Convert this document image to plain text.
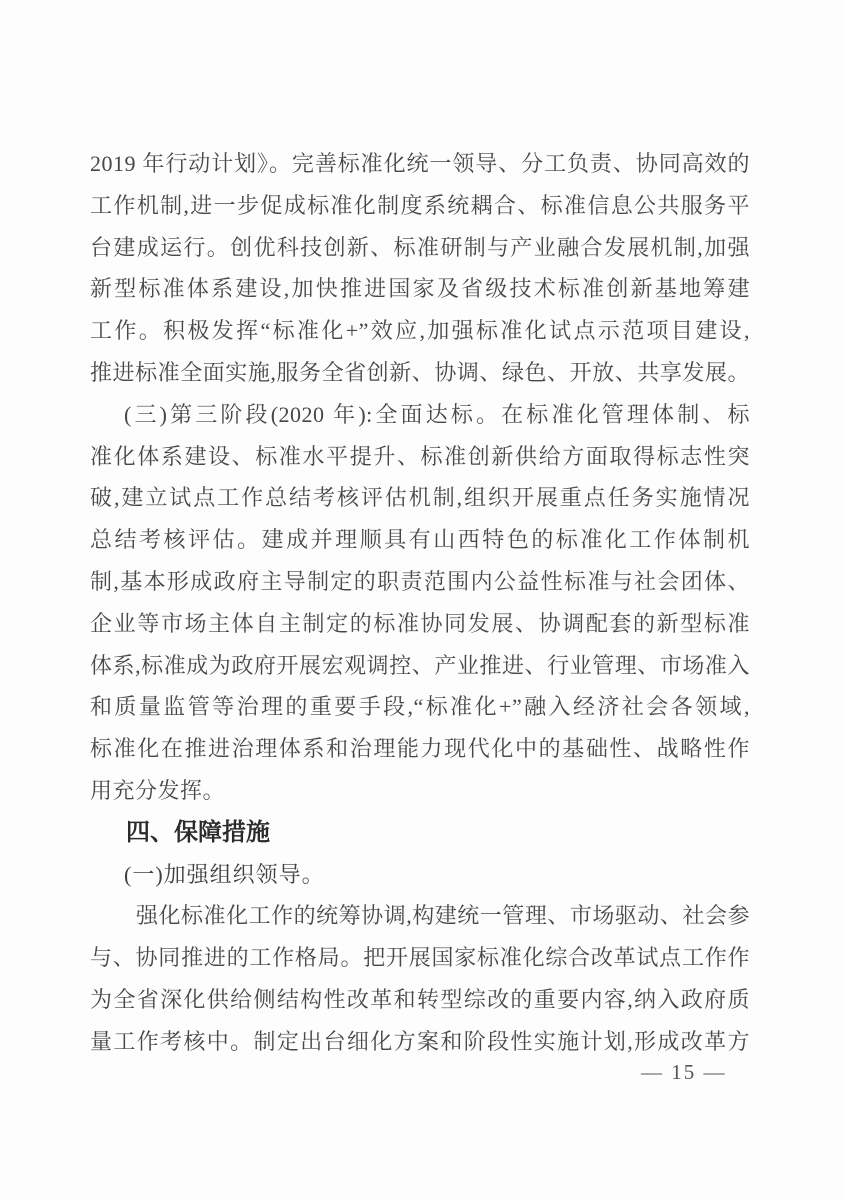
2019 年行动计划》。完善标准化统一领导、分工负责、协同高效的
工作机制,进一步促成标准化制度系统耦合、标准信息公共服务平
台建成运行。创优科技创新、标准研制与产业融合发展机制,加强
新型标准体系建设,加快推进国家及省级技术标准创新基地筹建
工作。积极发挥“标准化+”效应,加强标准化试点示范项目建设,
推进标准全面实施,服务全省创新、协调、绿色、开放、共享发展。
(三)第三阶段(2020 年):全面达标。在标准化管理体制、标
准化体系建设、标准水平提升、标准创新供给方面取得标志性突
破,建立试点工作总结考核评估机制,组织开展重点任务实施情况
总结考核评估。建成并理顺具有山西特色的标准化工作体制机
制,基本形成政府主导制定的职责范围内公益性标准与社会团体、
企业等市场主体自主制定的标准协同发展、协调配套的新型标准
体系,标准成为政府开展宏观调控、产业推进、行业管理、市场准入
和质量监管等治理的重要手段,“标准化+”融入经济社会各领域,
标准化在推进治理体系和治理能力现代化中的基础性、战略性作
用充分发挥。
四、保障措施
(一)加强组织领导。
强化标准化工作的统筹协调,构建统一管理、市场驱动、社会参
与、协同推进的工作格局。把开展国家标准化综合改革试点工作作
为全省深化供给侧结构性改革和转型综改的重要内容,纳入政府质
量工作考核中。制定出台细化方案和阶段性实施计划,形成改革方
— 15 —
